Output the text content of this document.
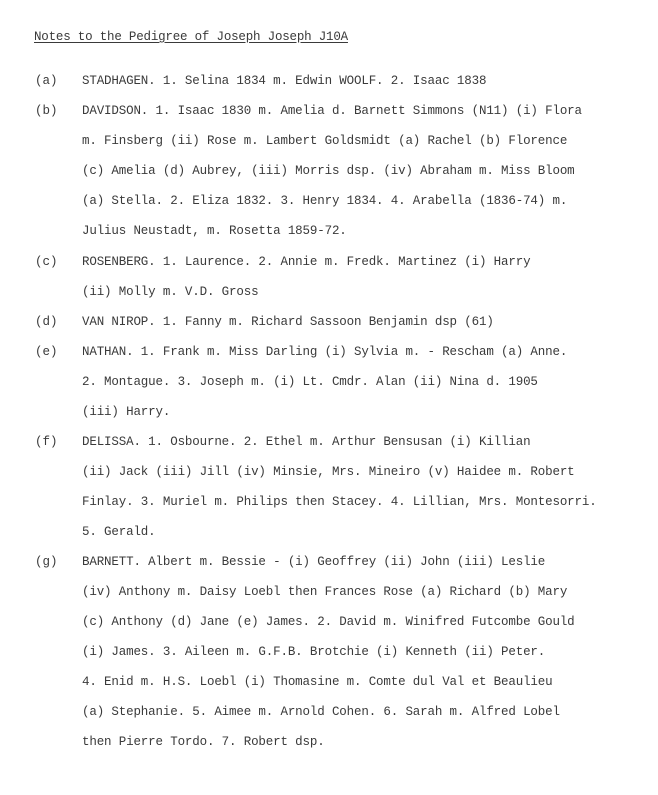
Notes to the Pedigree of Joseph Joseph J10A
(a) STADHAGEN. 1. Selina 1834 m. Edwin WOOLF. 2. Isaac 1838
(b) DAVIDSON. 1. Isaac 1830 m. Amelia d. Barnett Simmons (N11) (i) Flora
m. Finsberg (ii) Rose m. Lambert Goldsmidt (a) Rachel (b) Florence
(c) Amelia (d) Aubrey, (iii) Morris dsp. (iv) Abraham m. Miss Bloom
(a) Stella. 2. Eliza 1832. 3. Henry 1834. 4. Arabella (1836-74) m.
Julius Neustadt, m. Rosetta 1859-72.
(c) ROSENBERG. 1. Laurence. 2. Annie m. Fredk. Martinez (i) Harry
(ii) Molly m. V.D. Gross
(d) VAN NIROP. 1. Fanny m. Richard Sassoon Benjamin dsp (61)
(e) NATHAN. 1. Frank m. Miss Darling (i) Sylvia m. - Rescham (a) Anne.
2. Montague. 3. Joseph m. (i) Lt. Cmdr. Alan (ii) Nina d. 1905
(iii) Harry.
(f) DELISSA. 1. Osbourne. 2. Ethel m. Arthur Bensusan (i) Killian
(ii) Jack (iii) Jill (iv) Minsie, Mrs. Mineiro (v) Haidee m. Robert
Finlay. 3. Muriel m. Philips then Stacey. 4. Lillian, Mrs. Montesorri.
5. Gerald.
(g) BARNETT. Albert m. Bessie - (i) Geoffrey (ii) John (iii) Leslie
(iv) Anthony m. Daisy Loebl then Frances Rose (a) Richard (b) Mary
(c) Anthony (d) Jane (e) James. 2. David m. Winifred Futcombe Gould
(i) James. 3. Aileen m. G.F.B. Brotchie (i) Kenneth (ii) Peter.
4. Enid m. H.S. Loebl (i) Thomasine m. Comte dul Val et Beaulieu
(a) Stephanie. 5. Aimee m. Arnold Cohen. 6. Sarah m. Alfred Lobel
then Pierre Tordo. 7. Robert dsp.
